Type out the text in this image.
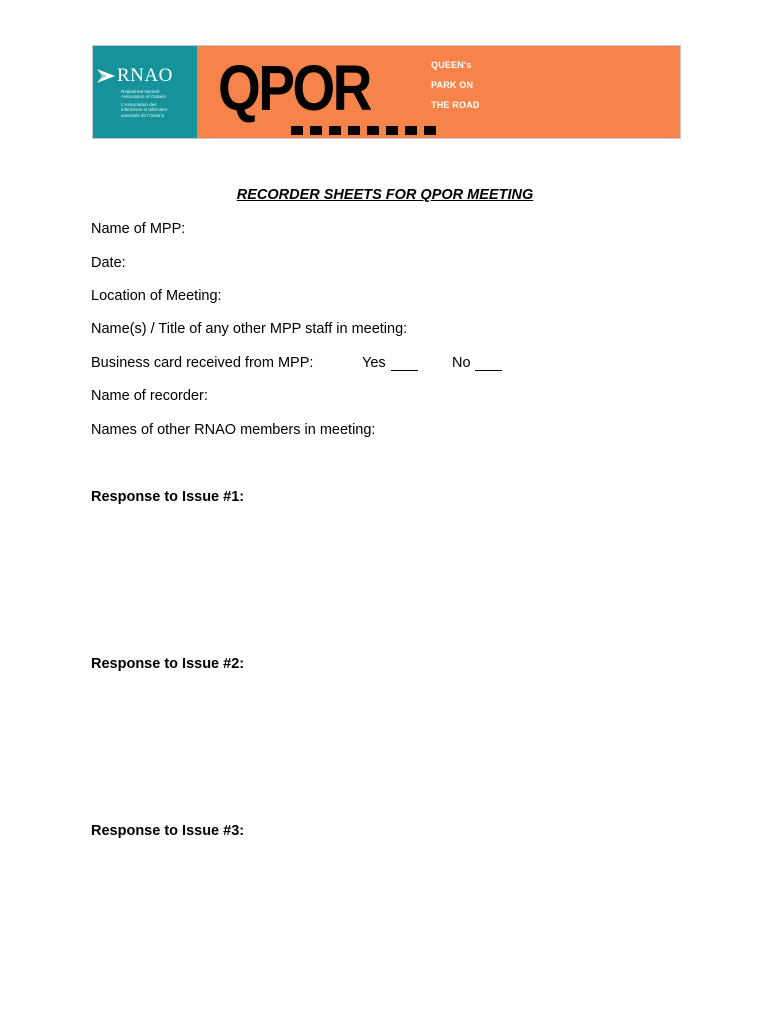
RNAO
Registered Nurses'
Association of Ontario
L'Association des
infirmières et infirmiers
autorisés de l'Ontario QPOR	QUEEN's
PARK ON
THE ROAD
RECORDER SHEETS FOR QPOR MEETING
Name of MPP:
Date:
Location of Meeting:
Name(s) / Title of any other MPP staff in meeting:
Business card received from MPP:	Yes	No
Name of recorder:
Names of other RNAO members in meeting:
Response to Issue #1:
Response to Issue #2:
Response to Issue #3:
